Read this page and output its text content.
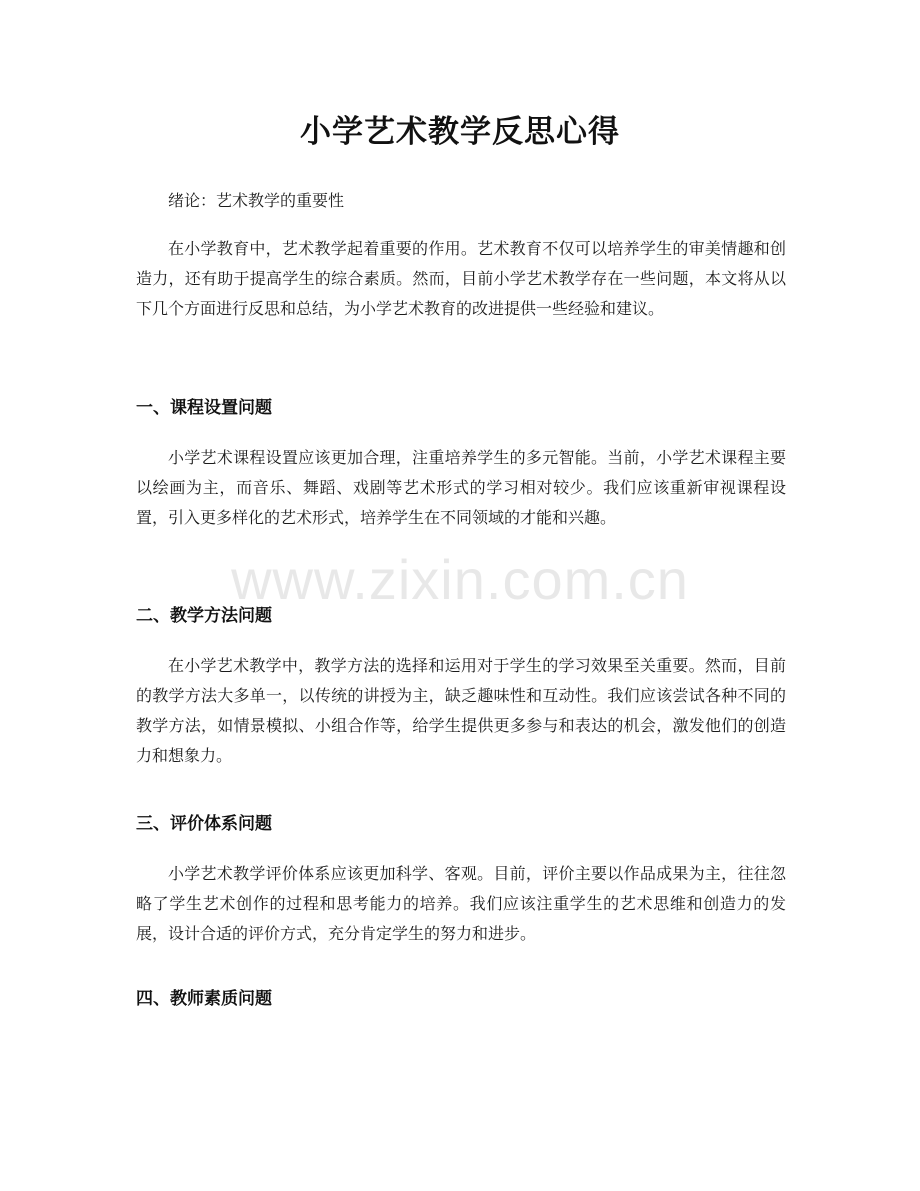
小学艺术教学反思心得
绪论：艺术教学的重要性

在小学教育中，艺术教学起着重要的作用。艺术教育不仅可以培养学生的审美情趣和创造力，还有助于提高学生的综合素质。然而，目前小学艺术教学存在一些问题，本文将从以下几个方面进行反思和总结，为小学艺术教育的改进提供一些经验和建议。

一、课程设置问题

小学艺术课程设置应该更加合理，注重培养学生的多元智能。当前，小学艺术课程主要以绘画为主，而音乐、舞蹈、戏剧等艺术形式的学习相对较少。我们应该重新审视课程设置，引入更多样化的艺术形式，培养学生在不同领域的才能和兴趣。

二、教学方法问题

在小学艺术教学中，教学方法的选择和运用对于学生的学习效果至关重要。然而，目前的教学方法大多单一，以传统的讲授为主，缺乏趣味性和互动性。我们应该尝试各种不同的教学方法，如情景模拟、小组合作等，给学生提供更多参与和表达的机会，激发他们的创造力和想象力。

三、评价体系问题

小学艺术教学评价体系应该更加科学、客观。目前，评价主要以作品成果为主，往往忽略了学生艺术创作的过程和思考能力的培养。我们应该注重学生的艺术思维和创造力的发展，设计合适的评价方式，充分肯定学生的努力和进步。

四、教师素质问题
www.zixin.com.cn
